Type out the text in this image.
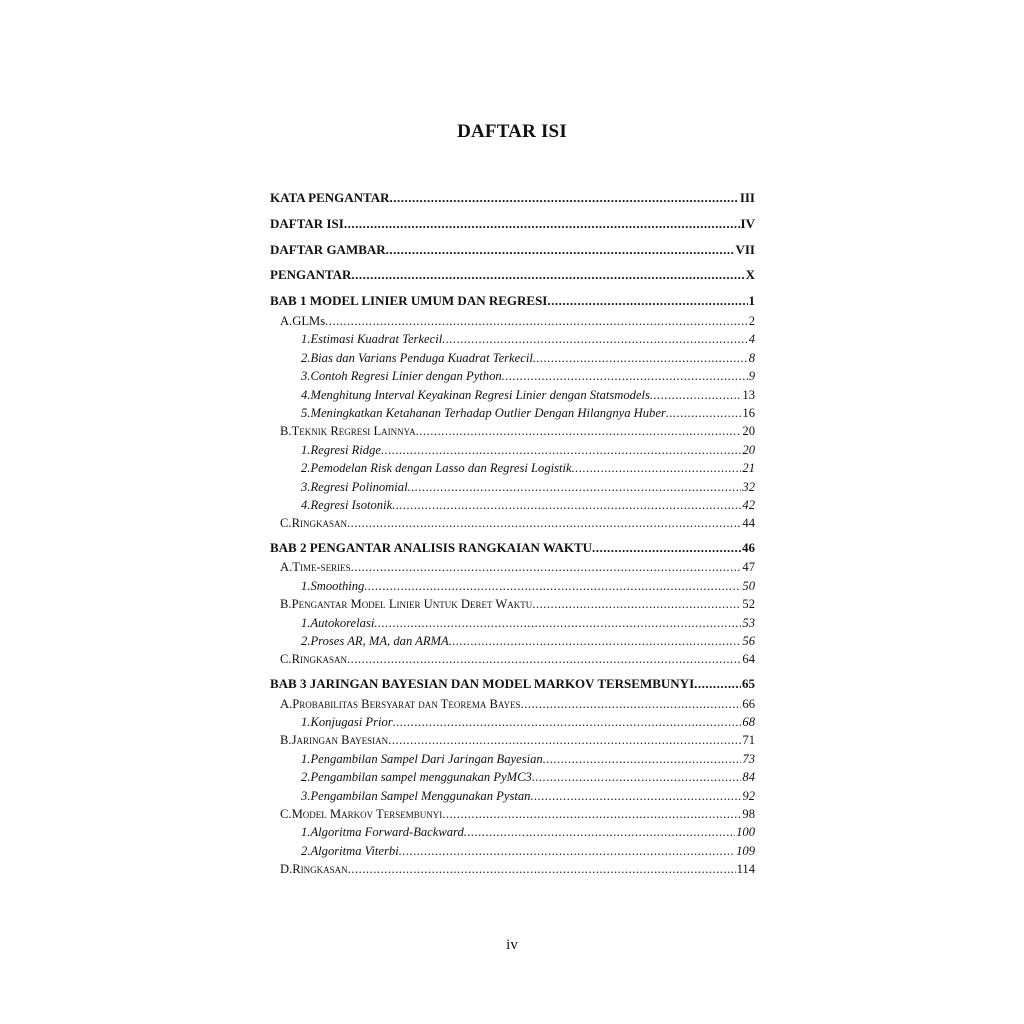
DAFTAR ISI
KATA PENGANTAR .....	III
DAFTAR ISI .....	IV
DAFTAR GAMBAR .....	VII
PENGANTAR .....	X
BAB 1 MODEL LINIER UMUM DAN REGRESI .....	1
A. GLMs .....	2
1. Estimasi Kuadrat Terkecil .....	4
2. Bias dan Varians Penduga Kuadrat Terkecil .....	8
3. Contoh Regresi Linier dengan Python .....	9
4. Menghitung Interval Keyakinan Regresi Linier dengan Statsmodels .....	13
5. Meningkatkan Ketahanan Terhadap Outlier Dengan Hilangnya Huber .....	16
B. Teknik Regresi Lainnya .....	20
1. Regresi Ridge .....	20
2. Pemodelan Risk dengan Lasso dan Regresi Logistik .....	21
3. Regresi Polinomial .....	32
4. Regresi Isotonik .....	42
C. Ringkasan .....	44
BAB 2 PENGANTAR ANALISIS RANGKAIAN WAKTU .....	46
A. Time-series .....	47
1. Smoothing .....	50
B. Pengantar Model Linier Untuk Deret Waktu .....	52
1. Autokorelasi .....	53
2. Proses AR, MA, dan ARMA .....	56
C. Ringkasan .....	64
BAB 3 JARINGAN BAYESIAN DAN MODEL MARKOV TERSEMBUNYI .....	65
A. Probabilitas Bersyarat dan Teorema Bayes .....	66
1. Konjugasi Prior .....	68
B. Jaringan Bayesian .....	71
1. Pengambilan Sampel Dari Jaringan Bayesian .....	73
2. Pengambilan sampel menggunakan PyMC3 .....	84
3. Pengambilan Sampel Menggunakan Pystan .....	92
C. Model Markov Tersembunyi .....	98
1. Algoritma Forward-Backward .....	100
2. Algoritma Viterbi .....	109
D. Ringkasan .....	114
iv
